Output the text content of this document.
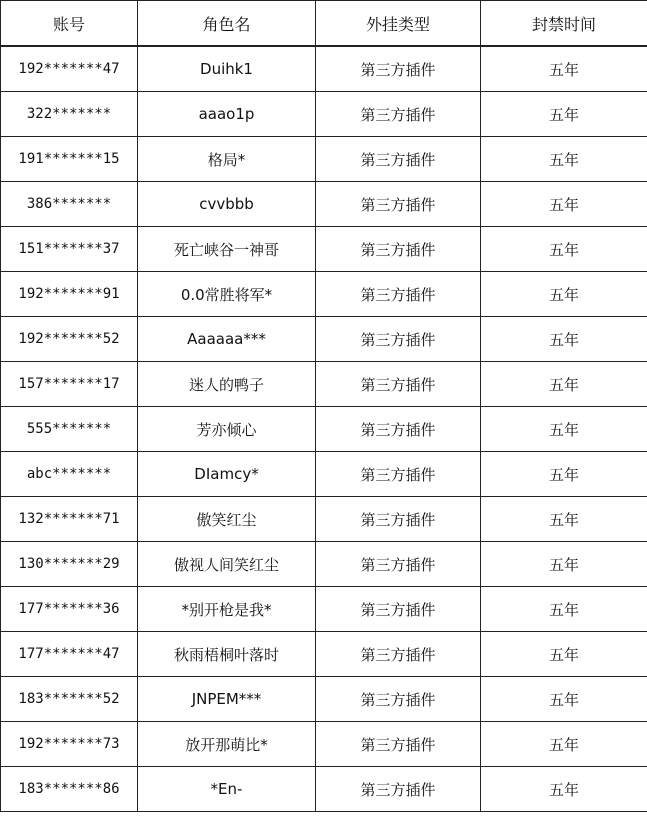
账号	角色名	外挂类型	封禁时间
192*******47	Duihk1	第三方插件	五年
322*******	aaao1p	第三方插件	五年
191*******15	格局*	第三方插件	五年
386*******	cvvbbb	第三方插件	五年
151*******37	死亡峡谷一神哥	第三方插件	五年
192*******91	0.0常胜将军*	第三方插件	五年
192*******52	Aaaaaa***	第三方插件	五年
157*******17	迷人的鸭子	第三方插件	五年
555*******	芳亦倾心	第三方插件	五年
abc*******	DIamcy*	第三方插件	五年
132*******71	傲笑红尘	第三方插件	五年
130*******29	傲视人间笑红尘	第三方插件	五年
177*******36	*别开枪是我*	第三方插件	五年
177*******47	秋雨梧桐叶落时	第三方插件	五年
183*******52	JNPEM***	第三方插件	五年
192*******73	放开那萌比*	第三方插件	五年
183*******86	*En-	第三方插件	五年
